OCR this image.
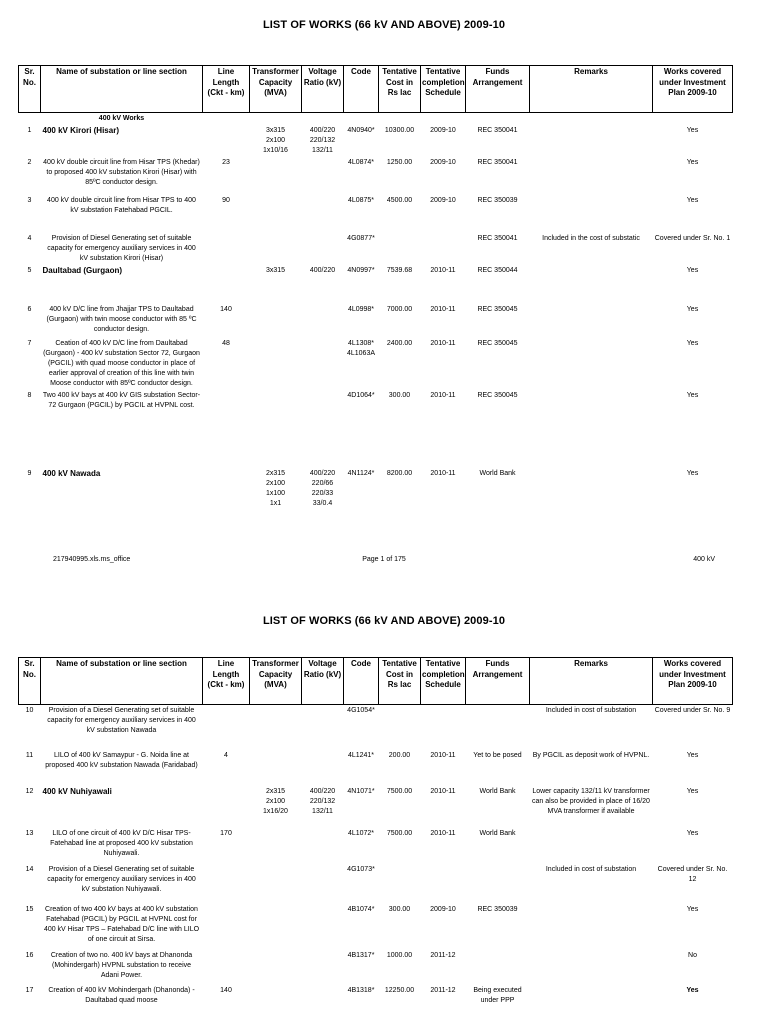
LIST OF WORKS (66 kV AND ABOVE) 2009-10
Sr. No.	Name of substation or line section	Line Length (Ckt - km)	Transformer Capacity (MVA)	Voltage Ratio (kV)	Code	Tentative Cost in Rs lac	Tentative completion Schedule	Funds Arrangement	Remarks	Works covered under Investment Plan 2009-10
	400 kV Works									
1	400 kV Kirori (Hisar)		3x315
2x100
1x10/16	400/220
220/132
132/11	4N0940*	10300.00	2009-10	REC 350041		Yes
2	400 kV double circuit line from Hisar TPS (Khedar) to proposed 400 kV substation Kirori (Hisar) with 85ºC conductor design.	23			4L0874*	1250.00	2009-10	REC 350041		Yes
3	400 kV double circuit line from Hisar TPS to 400 kV substation Fatehabad PGCIL.	90			4L0875*	4500.00	2009-10	REC 350039		Yes
4	Provision of Diesel Generating set of suitable capacity for emergency auxiliary services in 400 kV substation Kirori (Hisar)				4G0877*			REC 350041	Included in the cost of substatic	Covered under Sr. No. 1
5	Daultabad (Gurgaon)		3x315	400/220	4N0997*	7539.68	2010-11	REC 350044		Yes
6	400 kV D/C line from Jhajjar TPS to Daultabad (Gurgaon) with twin moose conductor with 85 ºC conductor design.	140			4L0998*	7000.00	2010-11	REC 350045		Yes
7	Ceation of 400 kV D/C line from Daultabad (Gurgaon) - 400 kV substation Sector 72, Gurgaon (PGCIL) with quad moose conductor in place of earlier approval of creation of this line with twin Moose conductor with 85ºC conductor design.	48			4L1308*
4L1063A	2400.00	2010-11	REC 350045		Yes
8	Two 400 kV bays at 400 kV GIS substation Sector-72 Gurgaon (PGCIL) by PGCIL at HVPNL cost.				4D1064*	300.00	2010-11	REC 350045		Yes
9	400 kV Nawada		2x315
2x100
1x100
1x1	400/220
220/66
220/33
33/0.4	4N1124*	8200.00	2010-11	World Bank		Yes
217940995.xls.ms_office	Page 1 of 175	400 kV
LIST OF WORKS (66 kV AND ABOVE) 2009-10
Sr. No.	Name of substation or line section	Line Length (Ckt - km)	Transformer Capacity (MVA)	Voltage Ratio (kV)	Code	Tentative Cost in Rs lac	Tentative completion Schedule	Funds Arrangement	Remarks	Works covered under Investment Plan 2009-10
10	Provision of a Diesel Generating set of suitable capacity for emergency auxiliary services in 400 kV substation Nawada				4G1054*				Included in cost of substation	Covered under Sr. No. 9
11	LILO of 400 kV Samaypur - G. Noida line at proposed 400 kV substation Nawada (Faridabad)	4			4L1241*	200.00	2010-11	Yet to be posed	By PGCIL as deposit work of HVPNL.	Yes
12	400 kV Nuhiyawali		2x315
2x100
1x16/20	400/220
220/132
132/11	4N1071*	7500.00	2010-11	World Bank	Lower capacity 132/11 kV transformer can also be provided in place of 16/20 MVA transformer if available	Yes
13	LILO of one circuit of 400 kV D/C Hisar TPS- Fatehabad line at proposed 400 kV substation Nuhiyawali.	170			4L1072*	7500.00	2010-11	World Bank		Yes
14	Provision of a Diesel Generating set of suitable capacity for emergency auxiliary services in 400 kV substation Nuhiyawali.				4G1073*				Included in cost of substation	Covered under Sr. No. 12
15	Creation of two 400 kV bays at 400 kV substation Fatehabad (PGCIL) by PGCIL at HVPNL cost for 400 kV Hisar TPS – Fatehabad D/C line with LILO of one circuit at Sirsa.				4B1074*	300.00	2009-10	REC 350039		Yes
16	Creation of two no. 400 kV bays at Dhanonda (Mohindergarh) HVPNL substation to receive Adani Power.				4B1317*	1000.00	2011-12			No
17	Creation of 400 kV Mohindergarh (Dhanonda) - Daultabad quad moose	140			4B1318*	12250.00	2011-12	Being executed under PPP		Yes
